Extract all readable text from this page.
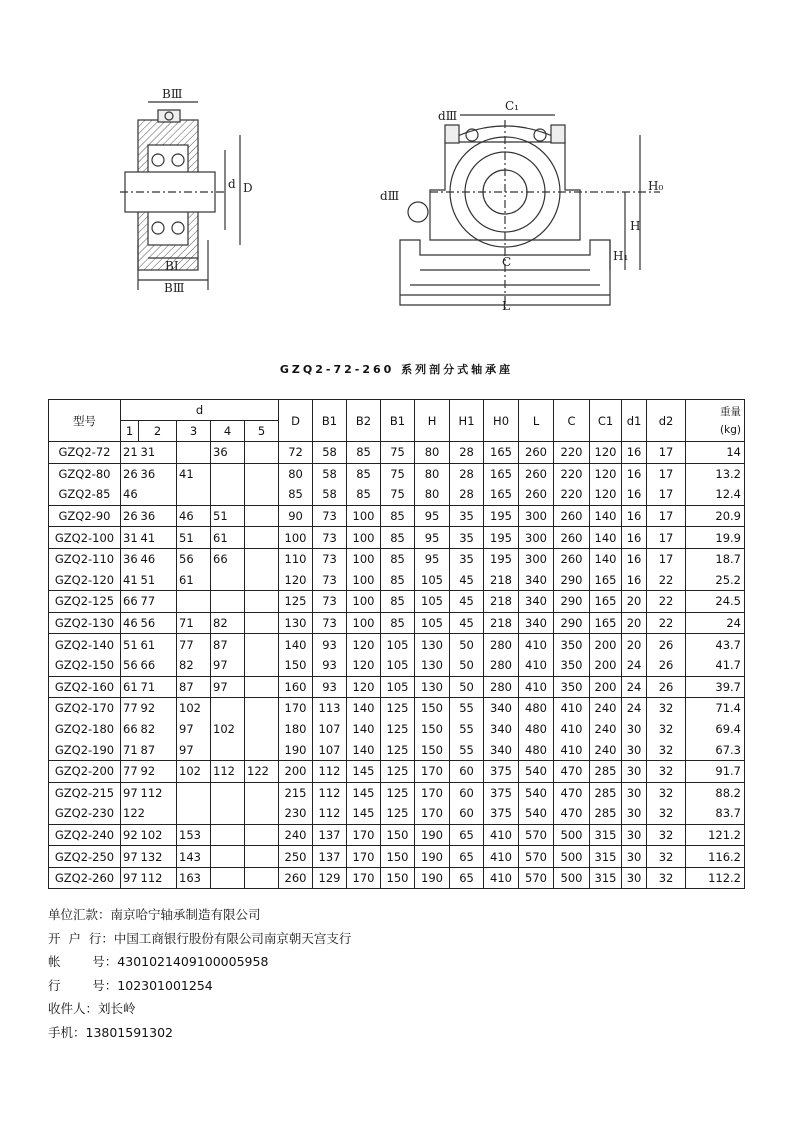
BⅢ
d D
BⅠ
BⅢ
dⅢ
C₁
dⅢ
H₀
H
H₁
C
L
GZQ2-72-260 系列剖分式轴承座
型号	d					D	B1	B2	B1	H	H1	H0	L	C	C1	d1	d2	重量
(kg)
	1	2	3	4	5													
GZQ2-72	21	31		36		72	58	85	75	80	28	165	260	220	120	16	17	14
GZQ2-80	26	36	41			80	58	85	75	80	28	165	260	220	120	16	17	13.2
GZQ2-85	46					85	58	85	75	80	28	165	260	220	120	16	17	12.4
GZQ2-90	26	36	46	51		90	73	100	85	95	35	195	300	260	140	16	17	20.9
GZQ2-100	31	41	51	61		100	73	100	85	95	35	195	300	260	140	16	17	19.9
GZQ2-110	36	46	56	66		110	73	100	85	95	35	195	300	260	140	16	17	18.7
GZQ2-120	41	51	61			120	73	100	85	105	45	218	340	290	165	16	22	25.2
GZQ2-125	66	77				125	73	100	85	105	45	218	340	290	165	20	22	24.5
GZQ2-130	46	56	71	82		130	73	100	85	105	45	218	340	290	165	20	22	24
GZQ2-140	51	61	77	87		140	93	120	105	130	50	280	410	350	200	20	26	43.7
GZQ2-150	56	66	82	97		150	93	120	105	130	50	280	410	350	200	24	26	41.7
GZQ2-160	61	71	87	97		160	93	120	105	130	50	280	410	350	200	24	26	39.7
GZQ2-170	77	92	102			170	113	140	125	150	55	340	480	410	240	24	32	71.4
GZQ2-180	66	82	97	102		180	107	140	125	150	55	340	480	410	240	30	32	69.4
GZQ2-190	71	87	97			190	107	140	125	150	55	340	480	410	240	30	32	67.3
GZQ2-200	77	92	102	112	122	200	112	145	125	170	60	375	540	470	285	30	32	91.7
GZQ2-215	97	112				215	112	145	125	170	60	375	540	470	285	30	32	88.2
GZQ2-230	122					230	112	145	125	170	60	375	540	470	285	30	32	83.7
GZQ2-240	92	102	153			240	137	170	150	190	65	410	570	500	315	30	32	121.2
GZQ2-250	97	132	143			250	137	170	150	190	65	410	570	500	315	30	32	116.2
GZQ2-260	97	112	163			260	129	170	150	190	65	410	570	500	315	30	32	112.2
单位汇款：南京哈宁轴承制造有限公司
开  户  行：中国工商银行股份有限公司南京朝天宫支行
帐        号：4301021409100005958
行        号：102301001254
收件人：刘长岭
手机：13801591302
